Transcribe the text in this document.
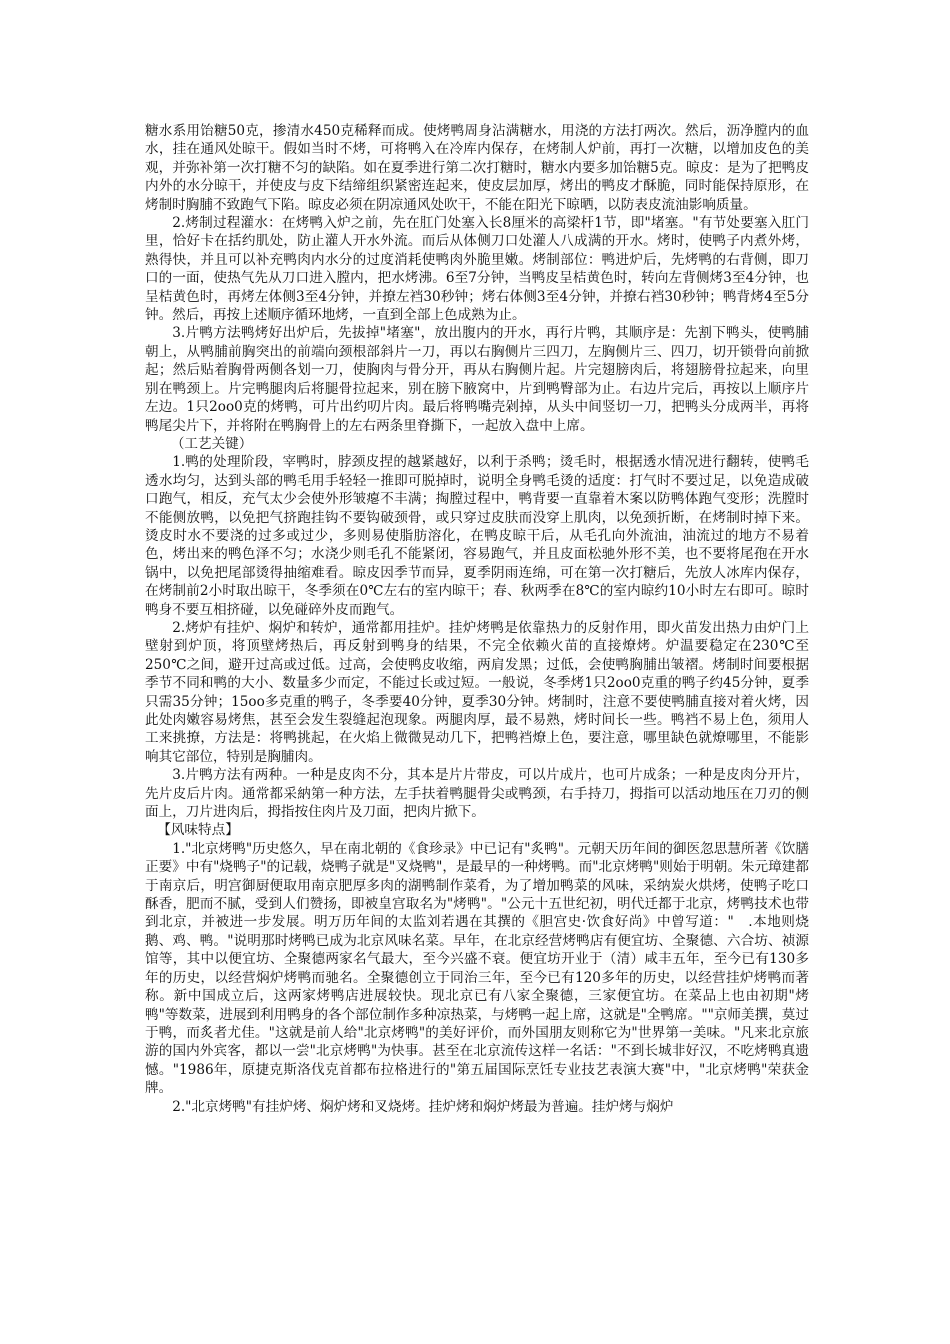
糖水系用饴糖50克，掺清水450克稀释而成。使烤鸭周身沾满糖水，用浇的方法打两次。然后，沥净膛内的血水，挂在通风处晾干。假如当时不烤，可将鸭入在冷库内保存，在烤制人炉前，再打一次糖，以增加皮色的美观，并弥补第一次打糖不匀的缺陷。如在夏季进行第二次打糖时，糖水内要多加饴糖5克。晾皮：是为了把鸭皮内外的水分晾干，并使皮与皮下结缔组织紧密连起来，使皮层加厚，烤出的鸭皮才酥脆，同时能保持原形，在烤制时胸脯不致跑气下陷。晾皮必须在阴凉通风处吹干，不能在阳光下晾晒，以防表皮流油影响质量。

2.烤制过程灌水：在烤鸭入炉之前，先在肛门处塞入长8厘米的高梁杆1节，即"堵塞。"有节处要塞入肛门里，恰好卡在括约肌处，防止灌人开水外流。而后从体侧刀口处灌人八成满的开水。烤时，使鸭子内煮外烤，熟得快，并且可以补充鸭肉内水分的过度消耗使鸭肉外脆里嫩。烤制部位：鸭进炉后，先烤鸭的右背侧，即刀口的一面，使热气先从刀口进入膛内，把水烤沸。6至7分钟，当鸭皮呈桔黄色时，转向左背侧烤3至4分钟，也呈桔黄色时，再烤左体侧3至4分钟，并撩左裆30秒钟；烤右体侧3至4分钟，并撩右裆30秒钟；鸭背烤4至5分钟。然后，再按上述顺序循环地烤，一直到全部上色成熟为止。

3.片鸭方法鸭烤好出炉后，先拔掉"堵塞"，放出腹内的开水，再行片鸭，其顺序是：先割下鸭头，使鸭脯朝上，从鸭脯前胸突出的前端向颈根部斜片一刀，再以右胸侧片三四刀，左胸侧片三、四刀，切开锁骨向前掀起；然后贴着胸骨两侧各划一刀，使胸肉与骨分开，再从右胸侧片起。片完翅膀肉后，将翅膀骨拉起来，向里别在鸭颈上。片完鸭腿肉后将腿骨拉起来，别在膀下腋窝中，片到鸭臀部为止。右边片完后，再按以上顺序片左边。1只2oo0克的烤鸭，可片出约叨片肉。最后将鸭嘴壳剁掉，从头中间竖切一刀，把鸭头分成两半，再将鸭尾尖片下，并将附在鸭胸骨上的左右两条里脊撕下，一起放入盘中上席。

（工艺关键）

1.鸭的处理阶段，宰鸭时，脖颈皮捏的越紧越好，以利于杀鸭；烫毛时，根据透水情况进行翻转，使鸭毛透水均匀，达到头部的鸭毛用手轻轻一推即可脱掉时，说明全身鸭毛烫的适度：打气时不要过足，以免造成破口跑气，相反，充气太少会使外形皱瘪不丰满；掏膛过程中，鸭背要一直靠着木案以防鸭体跑气变形；洗膛时不能侧放鸭，以免把气挤跑挂钩不要钩破颈骨，或只穿过皮肤而没穿上肌肉，以免颈折断，在烤制时掉下来。烫皮时水不要浇的过多或过少，多则易使脂肪溶化，在鸭皮晾干后，从毛孔向外流油，油流过的地方不易着色，烤出来的鸭色泽不匀；水浇少则毛孔不能紧闭，容易跑气，并且皮面松驰外形不美，也不要将尾孢在开水锅中，以免把尾部烫得抽缩难看。晾皮因季节而异，夏季阴雨连绵，可在第一次打糖后，先放人冰库内保存，在烤制前2小时取出晾干，冬季须在0℃左右的室内晾干；春、秋两季在8℃的室内晾约10小时左右即可。晾时鸭身不要互相挤碰，以免碰碎外皮而跑气。

2.烤炉有挂炉、焖炉和转炉，通常都用挂炉。挂炉烤鸭是依靠热力的反射作用，即火苗发出热力由炉门上壁射到炉顶，将顶壁烤热后，再反射到鸭身的结果，不完全依赖火苗的直接燎烤。炉温要稳定在230℃至250℃之间，避开过高或过低。过高，会使鸭皮收缩，两肩发黑；过低，会使鸭胸脯出皱褶。烤制时间要根据季节不同和鸭的大小、数量多少而定，不能过长或过短。一般说，冬季烤1只2oo0克重的鸭子约45分钟，夏季只需35分钟；15oo多克重的鸭子，冬季要40分钟，夏季30分钟。烤制时，注意不要使鸭脯直接对着火烤，因此处肉嫩容易烤焦，甚至会发生裂缝起泡现象。两腿肉厚，最不易熟，烤时间长一些。鸭裆不易上色，须用人工来挑撩，方法是：将鸭挑起，在火焰上微微晃动几下，把鸭裆燎上色，要注意，哪里缺色就燎哪里，不能影响其它部位，特别是胸脯肉。

3.片鸭方法有两种。一种是皮肉不分，其本是片片带皮，可以片成片，也可片成条；一种是皮肉分开片，先片皮后片肉。通常都采納第一种方法，左手扶着鸭腿骨尖或鸭颈，右手持刀，拇指可以活动地压在刀刃的侧面上，刀片进肉后，拇指按住肉片及刀面，把肉片掀下。

【风味特点】

1."北京烤鸭"历史悠久，早在南北朝的《食珍录》中已记有"炙鸭"。元朝天历年间的御医忽思慧所著《饮膳正要》中有"烧鸭子"的记载，烧鸭子就是"叉烧鸭"，是最早的一种烤鸭。而"北京烤鸭"则始于明朝。朱元璋建都于南京后，明宫御厨便取用南京肥厚多肉的湖鸭制作菜肴，为了增加鸭菜的风味，采纳炭火烘烤，使鸭子吃口酥香，肥而不腻，受到人们赞扬，即被皇宫取名为"烤鸭"。"公元十五世纪初，明代迁都于北京，烤鸭技术也带到北京，并被进一步发展。明万历年间的太监刘若遇在其撰的《胆宫史·饮食好尚》中曾写道："　.本地则烧鹅、鸡、鸭。"说明那时烤鸭已成为北京风味名菜。早年，在北京经营烤鸭店有便宜坊、全聚德、六合坊、祯源馆等，其中以便宜坊、全聚德两家名气最大，至今兴盛不衰。便宜坊开业于（清）咸丰五年，至今已有130多年的历史，以经营焖炉烤鸭而驰名。全聚德创立于同治三年，至今已有120多年的历史，以经营挂炉烤鸭而著称。新中国成立后，这两家烤鸭店进展较快。现北京已有八家全聚德，三家便宜坊。在菜品上也由初期"烤鸭"等数菜，进展到利用鸭身的各个部位制作多种凉热菜，与烤鸭一起上席，这就是"全鸭席。""京师美撰，莫过于鸭，而炙者尤佳。"这就是前人给"北京烤鸭"的美好评价，而外国朋友则称它为"世界第一美味。"凡来北京旅游的国内外宾客，都以一尝"北京烤鸭"为快事。甚至在北京流传这样一名话："不到长城非好汉，不吃烤鸭真遗憾。"1986年，原捷克斯洛伐克首都布拉格进行的"第五届国际烹饪专业技艺表演大赛"中，"北京烤鸭"荣获金牌。

2."北京烤鸭"有挂炉烤、焖炉烤和叉烧烤。挂炉烤和焖炉烤最为普遍。挂炉烤与焖炉
